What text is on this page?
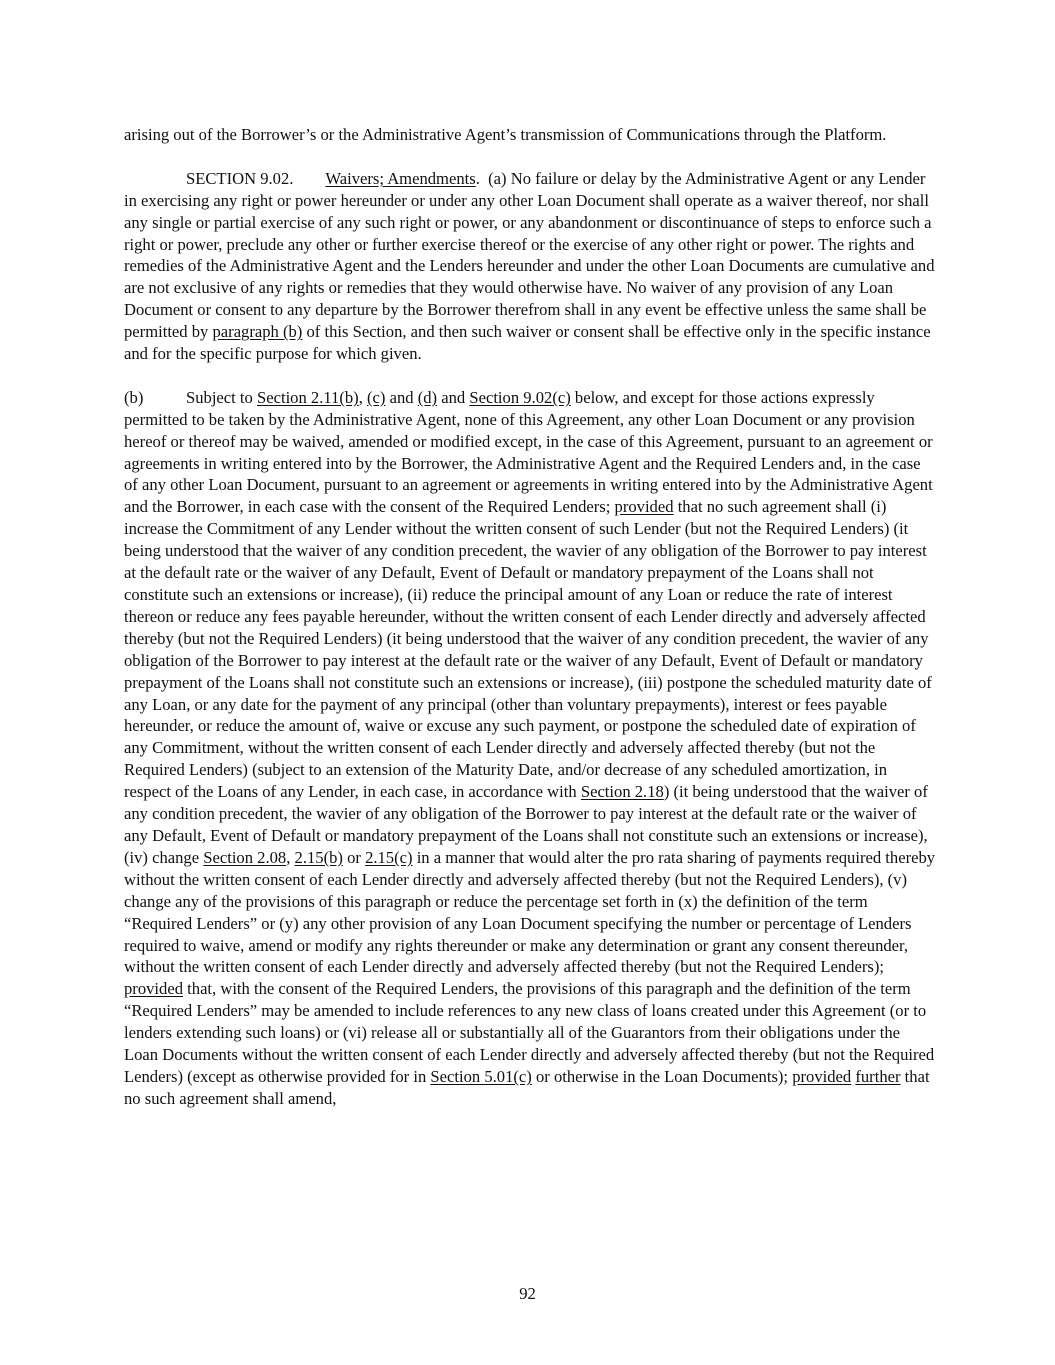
arising out of the Borrower’s or the Administrative Agent’s transmission of Communications through the Platform.

SECTION 9.02. Waivers; Amendments. (a) No failure or delay by the Administrative Agent or any Lender in exercising any right or power hereunder or under any other Loan Document shall operate as a waiver thereof, nor shall any single or partial exercise of any such right or power, or any abandonment or discontinuance of steps to enforce such a right or power, preclude any other or further exercise thereof or the exercise of any other right or power. The rights and remedies of the Administrative Agent and the Lenders hereunder and under the other Loan Documents are cumulative and are not exclusive of any rights or remedies that they would otherwise have. No waiver of any provision of any Loan Document or consent to any departure by the Borrower therefrom shall in any event be effective unless the same shall be permitted by paragraph (b) of this Section, and then such waiver or consent shall be effective only in the specific instance and for the specific purpose for which given.

(b)	Subject to Section 2.11(b), (c) and (d) and Section 9.02(c) below, and except for those actions expressly permitted to be taken by the Administrative Agent, none of this Agreement, any other Loan Document or any provision hereof or thereof may be waived, amended or modified except, in the case of this Agreement, pursuant to an agreement or agreements in writing entered into by the Borrower, the Administrative Agent and the Required Lenders and, in the case of any other Loan Document, pursuant to an agreement or agreements in writing entered into by the Administrative Agent and the Borrower, in each case with the consent of the Required Lenders; provided that no such agreement shall (i) increase the Commitment of any Lender without the written consent of such Lender (but not the Required Lenders) (it being understood that the waiver of any condition precedent, the wavier of any obligation of the Borrower to pay interest at the default rate or the waiver of any Default, Event of Default or mandatory prepayment of the Loans shall not constitute such an extensions or increase), (ii) reduce the principal amount of any Loan or reduce the rate of interest thereon or reduce any fees payable hereunder, without the written consent of each Lender directly and adversely affected thereby (but not the Required Lenders) (it being understood that the waiver of any condition precedent, the wavier of any obligation of the Borrower to pay interest at the default rate or the waiver of any Default, Event of Default or mandatory prepayment of the Loans shall not constitute such an extensions or increase), (iii) postpone the scheduled maturity date of any Loan, or any date for the payment of any principal (other than voluntary prepayments), interest or fees payable hereunder, or reduce the amount of, waive or excuse any such payment, or postpone the scheduled date of expiration of any Commitment, without the written consent of each Lender directly and adversely affected thereby (but not the Required Lenders) (subject to an extension of the Maturity Date, and/or decrease of any scheduled amortization, in respect of the Loans of any Lender, in each case, in accordance with Section 2.18) (it being understood that the waiver of any condition precedent, the wavier of any obligation of the Borrower to pay interest at the default rate or the waiver of any Default, Event of Default or mandatory prepayment of the Loans shall not constitute such an extensions or increase),
(iv) change Section 2.08, 2.15(b) or 2.15(c) in a manner that would alter the pro rata sharing of payments required thereby without the written consent of each Lender directly and adversely affected thereby (but not the Required Lenders), (v) change any of the provisions of this paragraph or reduce the percentage set forth in (x) the definition of the term “Required Lenders” or (y) any other provision of any Loan Document specifying the number or percentage of Lenders required to waive, amend or modify any rights thereunder or make any determination or grant any consent thereunder, without the written consent of each Lender directly and adversely affected thereby (but not the Required Lenders); provided that, with the consent of the Required Lenders, the provisions of this paragraph and the definition of the term “Required Lenders” may be amended to include references to any new class of loans created under this Agreement (or to lenders extending such loans) or (vi) release all or substantially all of the Guarantors from their obligations under the Loan Documents without the written consent of each Lender directly and adversely affected thereby (but not the Required Lenders) (except as otherwise provided for in Section 5.01(c) or otherwise in the Loan Documents); provided further that no such agreement shall amend,

92
